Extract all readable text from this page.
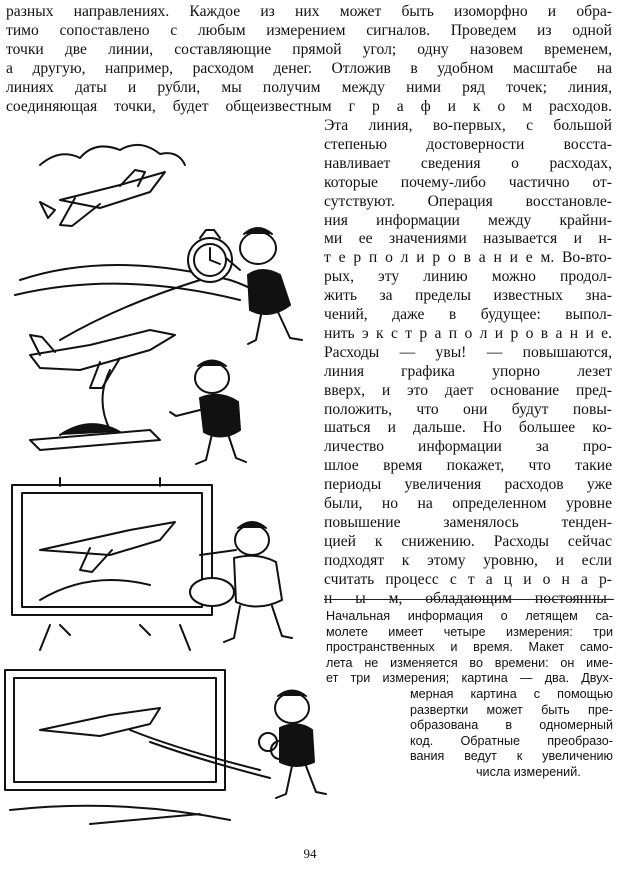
разных направлениях. Каждое из них может быть изоморфно и обра-
тимо сопоставлено с любым измерением сигналов. Проведем из одной
точки две линии, составляющие прямой угол; одну назовем временем,
а другую, например, расходом денег. Отложив в удобном масштабе на
линиях даты и рубли, мы получим между ними ряд точек; линия,
соединяющая точки, будет общеизвестным г р а ф и к о м расходов.
Эта линия, во-первых, с большой
степенью достоверности восста-
навливает сведения о расходах,
которые почему-либо частично от-
сутствуют. Операция восстановле-
ния информации между крайни-
ми ее значениями называется и н-
т е р п о л и р о в а н и е м. Во-вто-
рых, эту линию можно продол-
жить за пределы известных зна-
чений, даже в будущее: выпол-
нить э к с т р а п о л и р о в а н и е.
Расходы — увы! — повышаются,
линия графика упорно лезет
вверх, и это дает основание пред-
положить, что они будут повы-
шаться и дальше. Но большее ко-
личество информации за про-
шлое время покажет, что такие
периоды увеличения расходов уже
были, но на определенном уровне
повышение заменялось тенден-
цией к снижению. Расходы сейчас
подходят к этому уровню, и если
считать процесс с т а ц и о н а р-
н ы м, обладающим постоянны-
Начальная информация о летящем са-
молете имеет четыре измерения: три
пространственных и время. Макет само-
лета не изменяется во времени: он име-
ет три измерения; картина — два. Двух-
мерная картина с помощью
развертки может быть пре-
образована в одномерный
код. Обратные преобразо-
вания ведут к увеличению
числа измерений.
94
